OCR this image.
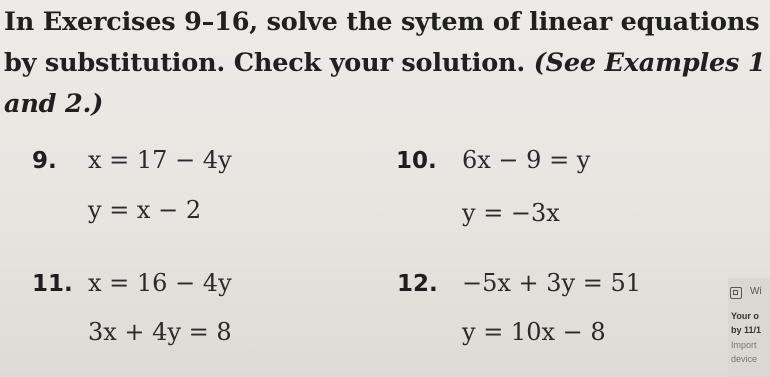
In Exercises 9–16, solve the sytem of linear equations
by substitution. Check your solution. (See Examples 1
and 2.)
9. x = 17 − 4y
y = x − 2
10. 6x − 9 = y
y = −3x
11. x = 16 − 4y
3x + 4y = 8
12. −5x + 3y = 51
y = 10x − 8
Wi
Your o
by 11/1
Import
device
